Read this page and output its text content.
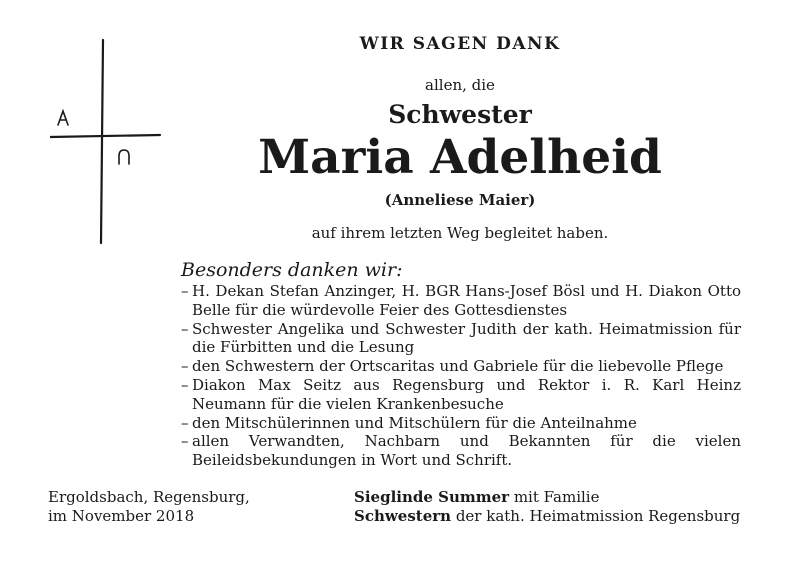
WIR SAGEN DANK
allen, die
Schwester
Maria Adelheid
(Anneliese Maier)
auf ihrem letzten Weg begleitet haben.
Besonders danken wir:
– H. Dekan Stefan Anzinger, H. BGR Hans-Josef Bösl und H. Diakon Otto Belle für die würdevolle Feier des Gottesdienstes
– Schwester Angelika und Schwester Judith der kath. Heimatmission für die Fürbitten und die Lesung
– den Schwestern der Ortscaritas und Gabriele für die liebevolle Pflege
– Diakon Max Seitz aus Regensburg und Rektor i. R. Karl Heinz Neumann für die vielen Krankenbesuche
– den Mitschülerinnen und Mitschülern für die Anteilnahme
– allen Verwandten, Nachbarn und Bekannten für die vielen Beileidsbekundungen in Wort und Schrift.
Ergoldsbach, Regensburg,
im November 2018
Sieglinde Summer mit Familie
Schwestern der kath. Heimatmission Regensburg
